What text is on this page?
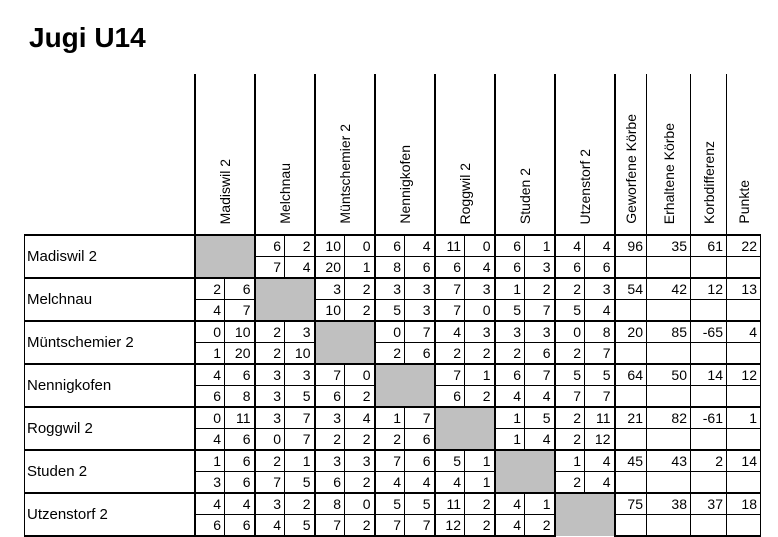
Jugi U14
	Madiswil 2		Melchnau		Müntschemier 2		Nennigkofen		Roggwil 2		Studen 2		Utzenstorf 2		Geworfene Körbe	Erhaltene Körbe	Korbdifferenz	Punkte
Madiswil 2			6	2	10	0	6	4	11	0	6	1	4	4	96	35	61	22
			7	4	20	1	8	6	6	4	6	3	6	6				
Melchnau	2	6			3	2	3	3	7	3	1	2	2	3	54	42	12	13
	4	7			10	2	5	3	7	0	5	7	5	4				
Müntschemier 2	0	10	2	3			0	7	4	3	3	3	0	8	20	85	-65	4
	1	20	2	10			2	6	2	2	2	6	2	7				
Nennigkofen	4	6	3	3	7	0			7	1	6	7	5	5	64	50	14	12
	6	8	3	5	6	2			6	2	4	4	7	7				
Roggwil 2	0	11	3	7	3	4	1	7			1	5	2	11	21	82	-61	1
	4	6	0	7	2	2	2	6			1	4	2	12				
Studen 2	1	6	2	1	3	3	7	6	5	1			1	4	45	43	2	14
	3	6	7	5	6	2	4	4	4	1			2	4				
Utzenstorf 2	4	4	3	2	8	0	5	5	11	2	4	1			75	38	37	18
	6	6	4	5	7	2	7	7	12	2	4	2						
